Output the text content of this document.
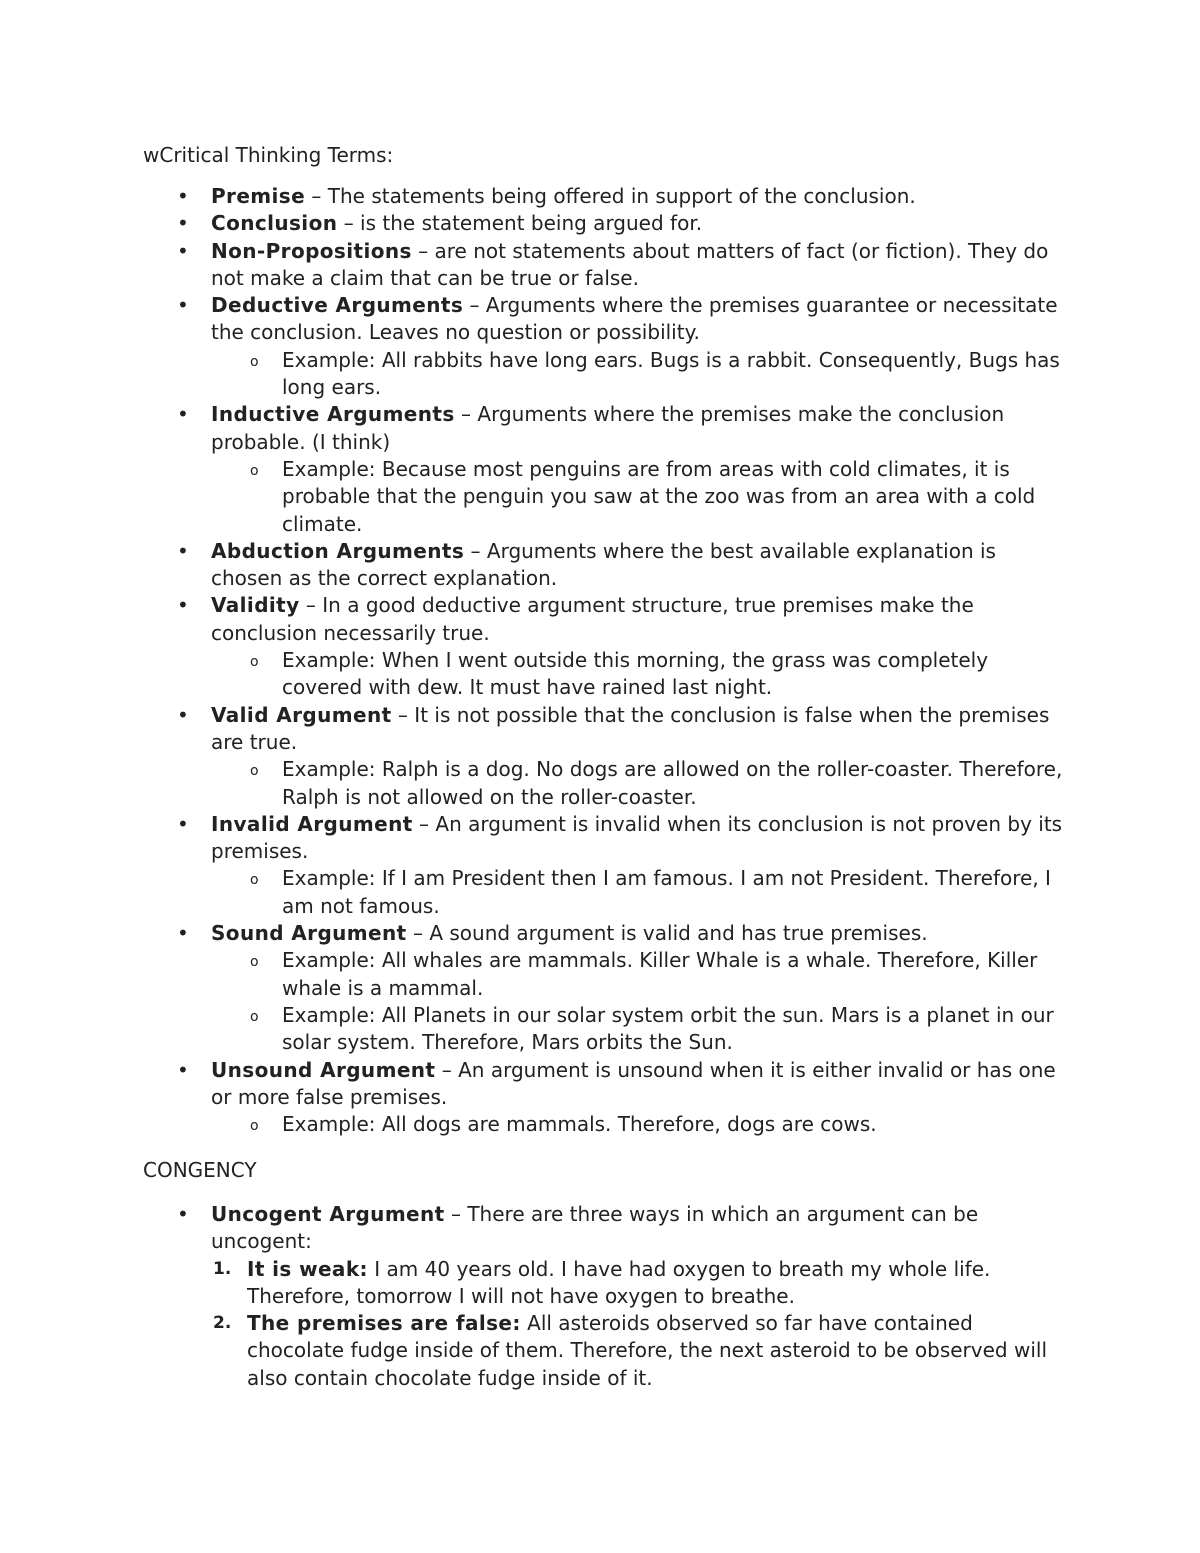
wCritical Thinking Terms:

• Premise – The statements being offered in support of the conclusion.
• Conclusion – is the statement being argued for.
• Non-Propositions – are not statements about matters of fact (or fiction). They do not make a claim that can be true or false.
• Deductive Arguments – Arguments where the premises guarantee or necessitate the conclusion. Leaves no question or possibility.
o Example: All rabbits have long ears. Bugs is a rabbit. Consequently, Bugs has long ears.
• Inductive Arguments – Arguments where the premises make the conclusion probable. (I think)
o Example: Because most penguins are from areas with cold climates, it is probable that the penguin you saw at the zoo was from an area with a cold climate.
• Abduction Arguments – Arguments where the best available explanation is chosen as the correct explanation.
• Validity – In a good deductive argument structure, true premises make the conclusion necessarily true.
o Example: When I went outside this morning, the grass was completely covered with dew. It must have rained last night.
• Valid Argument – It is not possible that the conclusion is false when the premises are true.
o Example: Ralph is a dog. No dogs are allowed on the roller-coaster. Therefore, Ralph is not allowed on the roller-coaster.
• Invalid Argument – An argument is invalid when its conclusion is not proven by its premises.
o Example: If I am President then I am famous. I am not President. Therefore, I am not famous.
• Sound Argument – A sound argument is valid and has true premises.
o Example: All whales are mammals. Killer Whale is a whale. Therefore, Killer whale is a mammal.
o Example: All Planets in our solar system orbit the sun. Mars is a planet in our solar system. Therefore, Mars orbits the Sun.
• Unsound Argument – An argument is unsound when it is either invalid or has one or more false premises.
o Example: All dogs are mammals. Therefore, dogs are cows.

CONGENCY

• Uncogent Argument – There are three ways in which an argument can be uncogent:
1. It is weak: I am 40 years old. I have had oxygen to breath my whole life. Therefore, tomorrow I will not have oxygen to breathe.
2. The premises are false: All asteroids observed so far have contained chocolate fudge inside of them. Therefore, the next asteroid to be observed will also contain chocolate fudge inside of it.
